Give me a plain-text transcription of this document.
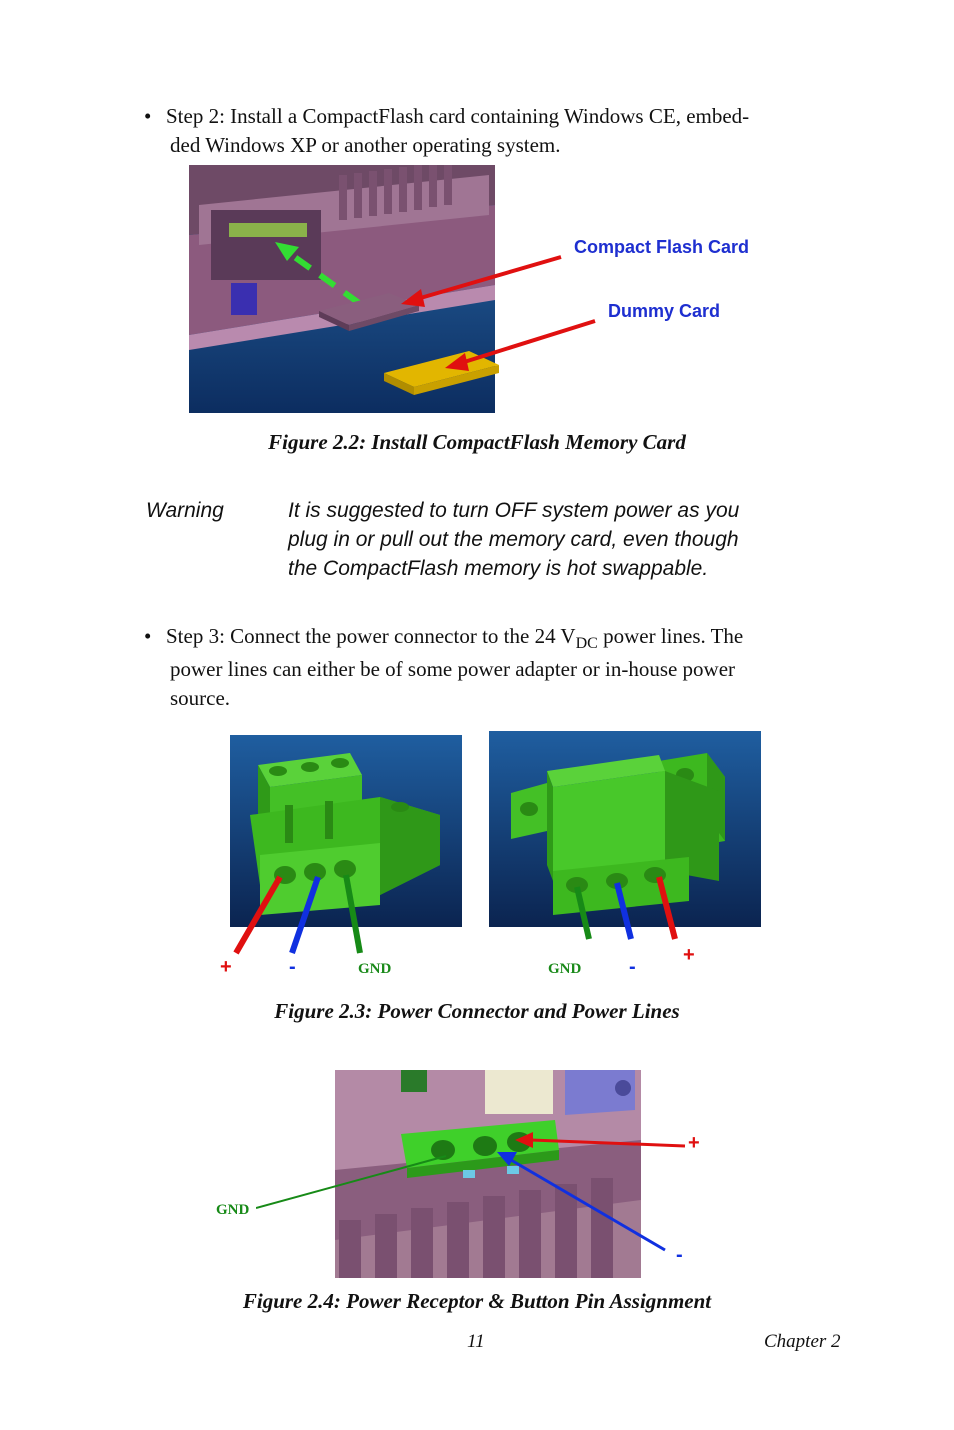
• Step 2: Install a CompactFlash card containing Windows CE, embed-
ded Windows XP or another operating system.
Compact Flash Card
Dummy Card
Figure 2.2: Install CompactFlash Memory Card
Warning	It is suggested to turn OFF system power as you
plug in or pull out the memory card, even though
the CompactFlash memory is hot swappable.
• Step 3: Connect the power connector to the 24 $V_{DC}$ power lines. The
power lines can either be of some power adapter or in-house power
source.
+	-	GND	GND -
+
Figure 2.3: Power Connector and Power Lines
+
GND
-
Figure 2.4: Power Receptor & Button Pin Assignment
11	Chapter 2
